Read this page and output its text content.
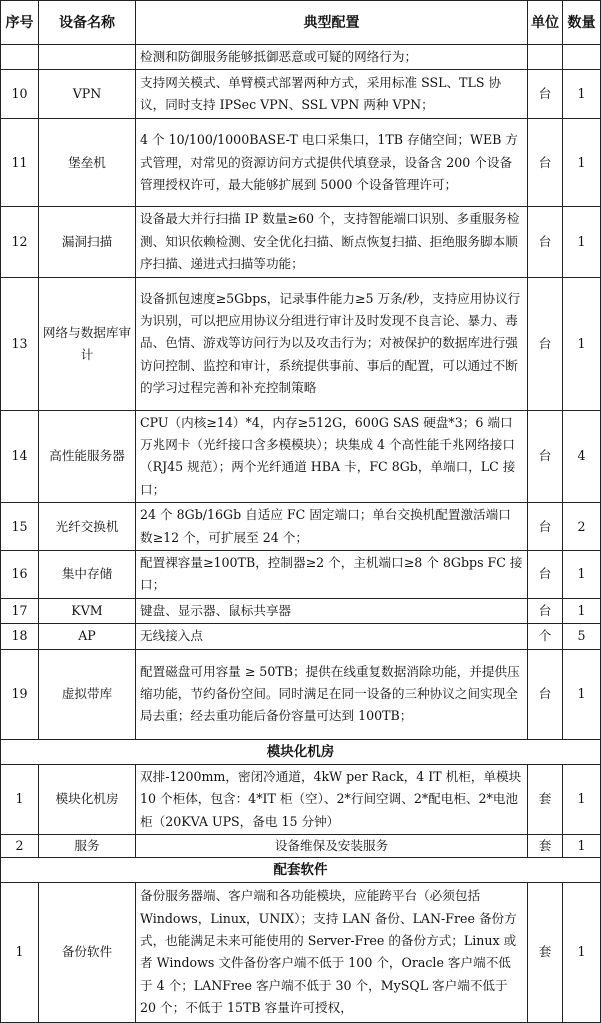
序号	设备名称	典型配置	单位	数量
		检测和防御服务能够抵御恶意或可疑的网络行为；		
10	VPN	支持网关模式、单臂模式部署两种方式，采用标准 SSL、TLS 协议，同时支持 IPSec VPN、SSL VPN 两种 VPN；	台	1
11	堡垒机	4 个 10/100/1000BASE-T 电口采集口，1TB 存储空间；WEB 方式管理，对常见的资源访问方式提供代填登录，设备含 200 个设备管理授权许可，最大能够扩展到 5000 个设备管理许可；	台	1
12	漏洞扫描	设备最大并行扫描 IP 数量≥60 个，支持智能端口识别、多重服务检测、知识依赖检测、安全优化扫描、断点恢复扫描、拒绝服务脚本顺序扫描、递进式扫描等功能；	台	1
13	网络与数据库审计	设备抓包速度≥5Gbps，记录事件能力≥5 万条/秒，支持应用协议行为识别，可以把应用协议分组进行审计及时发现不良言论、暴力、毒品、色情、游戏等访问行为以及攻击行为；对被保护的数据库进行强访问控制、监控和审计，系统提供事前、事后的配置，可以通过不断的学习过程完善和补充控制策略	台	1
14	高性能服务器	CPU（内核≥14）*4，内存≥512G，600G SAS 硬盘*3；6 端口万兆网卡（光纤接口含多模模块）；块集成 4 个高性能千兆网络接口（RJ45 规范）；两个光纤通道 HBA 卡，FC 8Gb，单端口，LC 接口；	台	4
15	光纤交换机	24 个 8Gb/16Gb 自适应 FC 固定端口；单台交换机配置激活端口数≥12 个，可扩展至 24 个；	台	2
16	集中存储	配置裸容量≥100TB，控制器≥2 个，主机端口≥8 个 8Gbps FC 接口；	台	1
17	KVM	键盘、显示器、鼠标共享器	台	1
18	AP	无线接入点	个	5
19	虚拟带库	配置磁盘可用容量 ≥ 50TB；提供在线重复数据消除功能，并提供压缩功能，节约备份空间。同时满足在同一设备的三种协议之间实现全局去重；经去重功能后备份容量可达到 100TB；	台	1
模块化机房				
1	模块化机房	双排-1200mm，密闭冷通道，4kW per Rack，4 IT 机柜，单模块 10 个柜体，包含：4*IT 柜（空）、2*行间空调、2*配电柜、2*电池柜（20KVA UPS，备电 15 分钟）	套	1
2	服务	设备维保及安装服务	套	1
配套软件				
1	备份软件	备份服务器端、客户端和各功能模块，应能跨平台（必须包括 Windows，Linux，UNIX）；支持 LAN 备份、LAN-Free 备份方式，也能满足未来可能使用的 Server-Free 的备份方式；Linux 或者 Windows 文件备份客户端不低于 100 个，Oracle 客户端不低于 4 个；LANFree 客户端不低于 30 个，MySQL 客户端不低于 20 个；不低于 15TB 容量许可授权，	套	1
